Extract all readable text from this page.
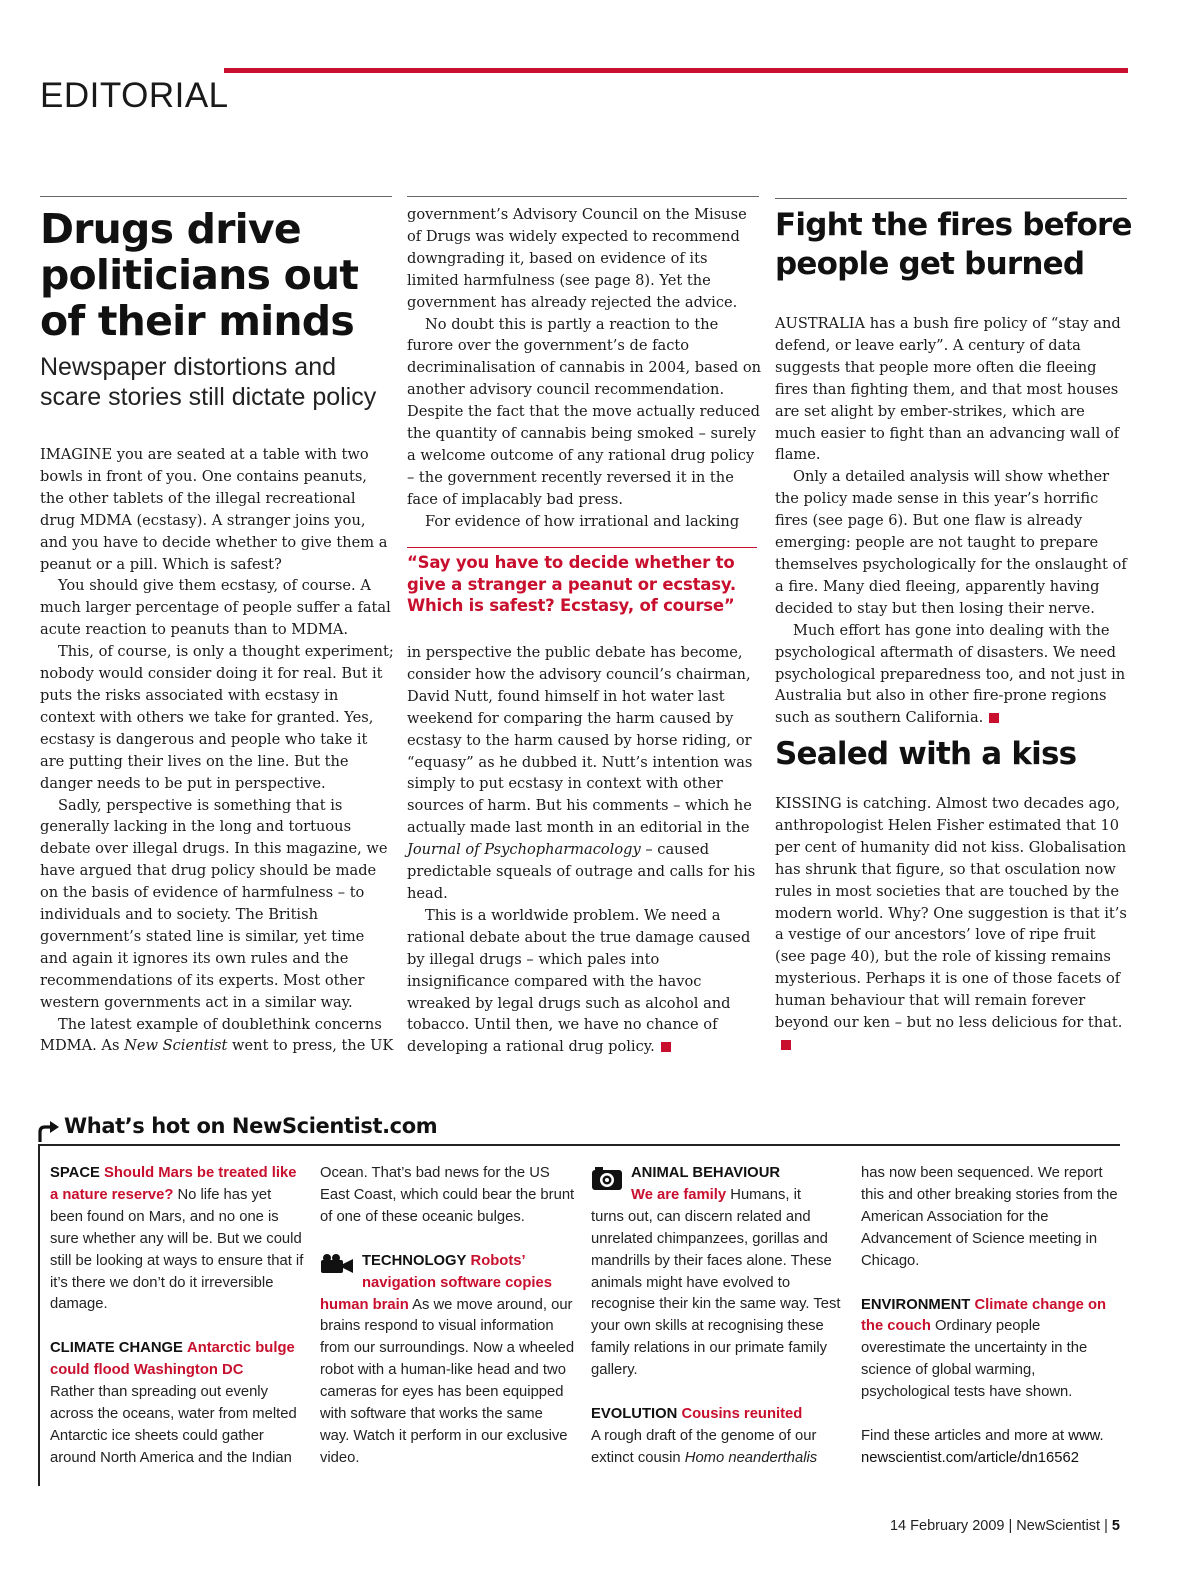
EDITORIAL
Drugs drive politicians out of their minds
Newspaper distortions and scare stories still dictate policy

IMAGINE you are seated at a table with two bowls in front of you. One contains peanuts, the other tablets of the illegal recreational drug MDMA (ecstasy). A stranger joins you, and you have to decide whether to give them a peanut or a pill. Which is safest?

You should give them ecstasy, of course. A much larger percentage of people suffer a fatal acute reaction to peanuts than to MDMA.

This, of course, is only a thought experiment; nobody would consider doing it for real. But it puts the risks associated with ecstasy in context with others we take for granted. Yes, ecstasy is dangerous and people who take it are putting their lives on the line. But the danger needs to be put in perspective.

Sadly, perspective is something that is generally lacking in the long and tortuous debate over illegal drugs. In this magazine, we have argued that drug policy should be made on the basis of evidence of harmfulness – to individuals and to society. The British government’s stated line is similar, yet time and again it ignores its own rules and the recommendations of its experts. Most other western governments act in a similar way.

The latest example of doublethink concerns MDMA. As New Scientist went to press, the UK

government’s Advisory Council on the Misuse of Drugs was widely expected to recommend downgrading it, based on evidence of its limited harmfulness (see page 8). Yet the government has already rejected the advice.

No doubt this is partly a reaction to the furore over the government’s de facto decriminalisation of cannabis in 2004, based on another advisory council recommendation. Despite the fact that the move actually reduced the quantity of cannabis being smoked – surely a welcome outcome of any rational drug policy – the government recently reversed it in the face of implacably bad press.

For evidence of how irrational and lacking

“Say you have to decide whether to give a stranger a peanut or ecstasy. Which is safest? Ecstasy, of course”

in perspective the public debate has become, consider how the advisory council’s chairman, David Nutt, found himself in hot water last weekend for comparing the harm caused by ecstasy to the harm caused by horse riding, or “equasy” as he dubbed it. Nutt’s intention was simply to put ecstasy in context with other sources of harm. But his comments – which he actually made last month in an editorial in the Journal of Psychopharmacology – caused predictable squeals of outrage and calls for his head.

This is a worldwide problem. We need a rational debate about the true damage caused by illegal drugs – which pales into insignificance compared with the havoc wreaked by legal drugs such as alcohol and tobacco. Until then, we have no chance of developing a rational drug policy.

Fight the fires before people get burned

AUSTRALIA has a bush fire policy of “stay and defend, or leave early”. A century of data suggests that people more often die fleeing fires than fighting them, and that most houses are set alight by ember-strikes, which are much easier to fight than an advancing wall of flame.

Only a detailed analysis will show whether the policy made sense in this year’s horrific fires (see page 6). But one flaw is already emerging: people are not taught to prepare themselves psychologically for the onslaught of a fire. Many died fleeing, apparently having decided to stay but then losing their nerve.

Much effort has gone into dealing with the psychological aftermath of disasters. We need psychological preparedness too, and not just in Australia but also in other fire-prone regions such as southern California.

Sealed with a kiss

KISSING is catching. Almost two decades ago, anthropologist Helen Fisher estimated that 10 per cent of humanity did not kiss. Globalisation has shrunk that figure, so that osculation now rules in most societies that are touched by the modern world. Why? One suggestion is that it’s a vestige of our ancestors’ love of ripe fruit (see page 40), but the role of kissing remains mysterious. Perhaps it is one of those facets of human behaviour that will remain forever beyond our ken – but no less delicious for that.

What’s hot on NewScientist.com

SPACE Should Mars be treated like a nature reserve? No life has yet been found on Mars, and no one is sure whether any will be. But we could still be looking at ways to ensure that if it’s there we don’t do it irreversible damage.

CLIMATE CHANGE Antarctic bulge could flood Washington DC
Rather than spreading out evenly across the oceans, water from melted Antarctic ice sheets could gather around North America and the Indian

Ocean. That’s bad news for the US East Coast, which could bear the brunt of one of these oceanic bulges.

TECHNOLOGY Robots’ navigation software copies

human brain As we move around, our brains respond to visual information from our surroundings. Now a wheeled robot with a human-like head and two cameras for eyes has been equipped with software that works the same way. Watch it perform in our exclusive video.

ANIMAL BEHAVIOUR
We are family Humans, it

turns out, can discern related and unrelated chimpanzees, gorillas and mandrills by their faces alone. These animals might have evolved to recognise their kin the same way. Test your own skills at recognising these family relations in our primate family gallery.

EVOLUTION Cousins reunited
A rough draft of the genome of our extinct cousin Homo neanderthalis

has now been sequenced. We report this and other breaking stories from the American Association for the Advancement of Science meeting in Chicago.

ENVIRONMENT Climate change on the couch Ordinary people overestimate the uncertainty in the science of global warming, psychological tests have shown.

Find these articles and more at www. newscientist.com/article/dn16562

14 February 2009 | NewScientist | 5
